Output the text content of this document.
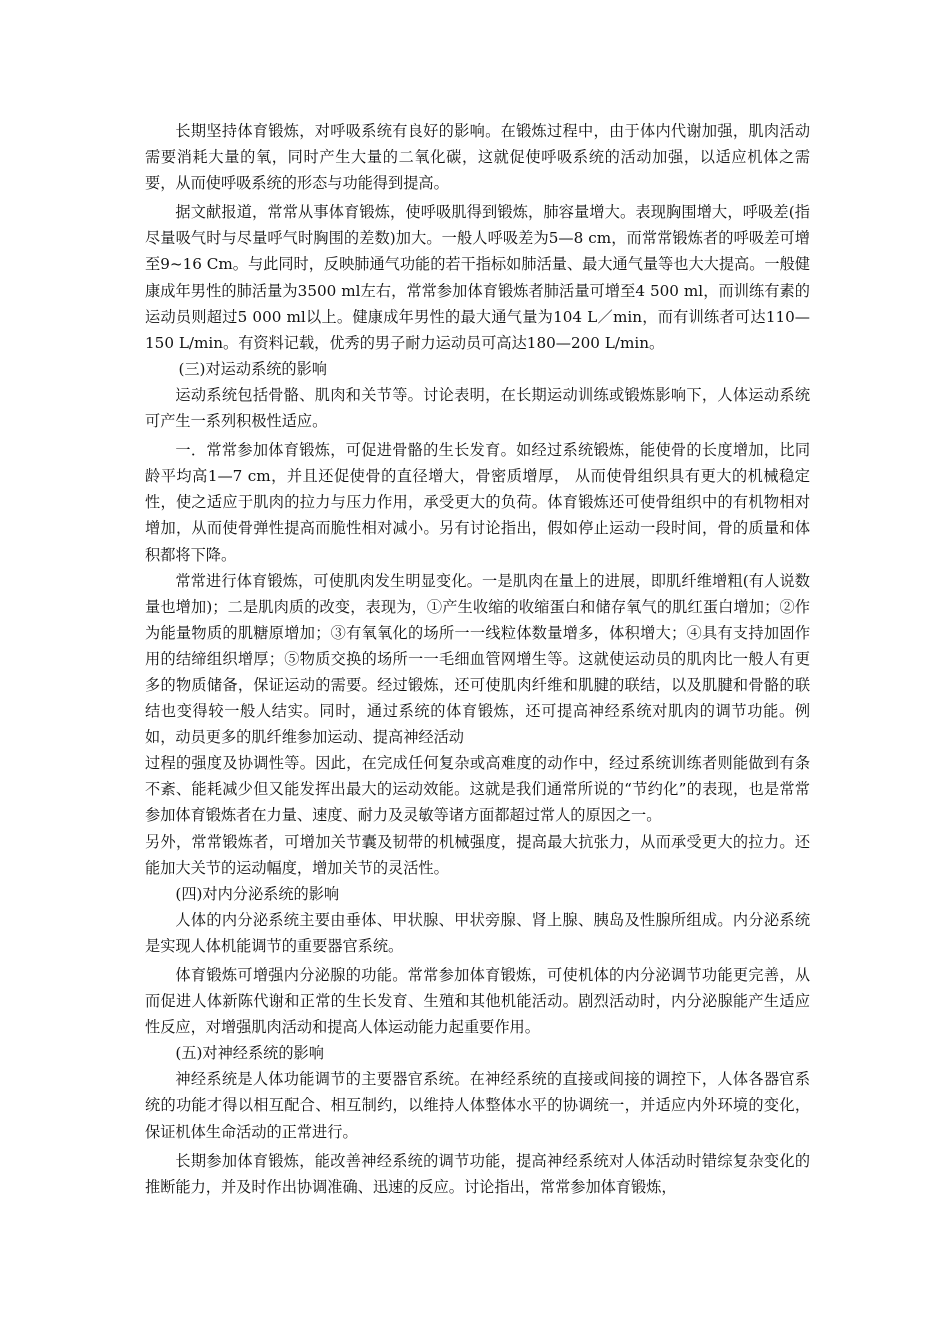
长期坚持体育锻炼，对呼吸系统有良好的影响。在锻炼过程中，由于体内代谢加强，肌肉活动需要消耗大量的氧，同时产生大量的二氧化碳，这就促使呼吸系统的活动加强，以适应机体之需要，从而使呼吸系统的形态与功能得到提高。

据文献报道，常常从事体育锻炼，使呼吸肌得到锻炼，肺容量增大。表现胸围增大，呼吸差(指尽量吸气时与尽量呼气时胸围的差数)加大。一般人呼吸差为5—8 cm，而常常锻炼者的呼吸差可增至9~16 Cm。与此同时，反映肺通气功能的若干指标如肺活量、最大通气量等也大大提高。一般健康成年男性的肺活量为3500 ml左右，常常参加体育锻炼者肺活量可增至4 500 ml，而训练有素的运动员则超过5 000 ml以上。健康成年男性的最大通气量为104 L／min，而有训练者可达110—150 L/min。有资料记载，优秀的男子耐力运动员可高达180—200 L/min。

(三)对运动系统的影响

运动系统包括骨骼、肌肉和关节等。讨论表明，在长期运动训练或锻炼影响下，人体运动系统可产生一系列积极性适应。

一．常常参加体育锻炼，可促进骨骼的生长发育。如经过系统锻炼，能使骨的长度增加，比同龄平均高1—7 cm，并且还促使骨的直径增大，骨密质增厚， 从而使骨组织具有更大的机械稳定性，使之适应于肌肉的拉力与压力作用，承受更大的负荷。体育锻炼还可使骨组织中的有机物相对增加，从而使骨弹性提高而脆性相对减小。另有讨论指出，假如停止运动一段时间，骨的质量和体积都将下降。

常常进行体育锻炼，可使肌肉发生明显变化。一是肌肉在量上的进展，即肌纤维增粗(有人说数量也增加)；二是肌肉质的改变，表现为，①产生收缩的收缩蛋白和储存氧气的肌红蛋白增加；②作为能量物质的肌糖原增加；③有氧氧化的场所一一线粒体数量增多，体积增大；④具有支持加固作用的结缔组织增厚；⑤物质交换的场所一一毛细血管网增生等。这就使运动员的肌肉比一般人有更多的物质储备，保证运动的需要。经过锻炼，还可使肌肉纤维和肌腱的联结，以及肌腱和骨骼的联结也变得较一般人结实。同时，通过系统的体育锻炼，还可提高神经系统对肌肉的调节功能。例如，动员更多的肌纤维参加运动、提高神经活动

过程的强度及协调性等。因此，在完成任何复杂或高难度的动作中，经过系统训练者则能做到有条不紊、能耗减少但又能发挥出最大的运动效能。这就是我们通常所说的“节约化”的表现，也是常常参加体育锻炼者在力量、速度、耐力及灵敏等诸方面都超过常人的原因之一。

另外，常常锻炼者，可增加关节囊及韧带的机械强度，提高最大抗张力，从而承受更大的拉力。还能加大关节的运动幅度，增加关节的灵活性。

(四)对内分泌系统的影响

人体的内分泌系统主要由垂体、甲状腺、甲状旁腺、肾上腺、胰岛及性腺所组成。内分泌系统是实现人体机能调节的重要器官系统。

体育锻炼可增强内分泌腺的功能。常常参加体育锻炼，可使机体的内分泌调节功能更完善，从而促进人体新陈代谢和正常的生长发育、生殖和其他机能活动。剧烈活动时，内分泌腺能产生适应性反应，对增强肌肉活动和提高人体运动能力起重要作用。

(五)对神经系统的影响

神经系统是人体功能调节的主要器官系统。在神经系统的直接或间接的调控下，人体各器官系统的功能才得以相互配合、相互制约，以维持人体整体水平的协调统一，并适应内外环境的变化，保证机体生命活动的正常进行。

长期参加体育锻炼，能改善神经系统的调节功能，提高神经系统对人体活动时错综复杂变化的推断能力，并及时作出协调准确、迅速的反应。讨论指出，常常参加体育锻炼，
